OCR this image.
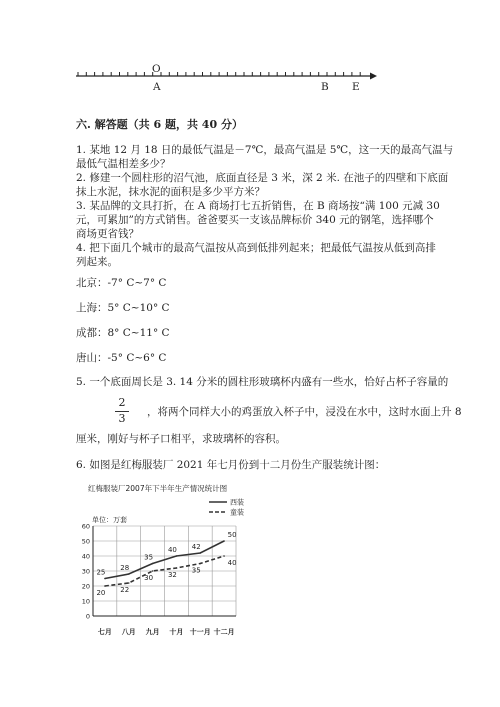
O
A	B E
六. 解答题（共 6 题，共 40 分）
1. 某地 12 月 18 日的最低气温是－7℃，最高气温是 5℃，这一天的最高气温与
最低气温相差多少？
2. 修建一个圆柱形的沼气池，底面直径是 3 米，深 2 米. 在池子的四壁和下底面
抹上水泥，抹水泥的面积是多少平方米？
3. 某品牌的文具打折，在 A 商场打七五折销售，在 B 商场按“满 100 元减 30
元，可累加”的方式销售。爸爸要买一支该品牌标价 340 元的钢笔，选择哪个
商场更省钱？
4. 把下面几个城市的最高气温按从高到低排列起来；把最低气温按从低到高排
列起来。
北京：-7° C~7° C
上海：5° C~10° C
成都：8° C~11° C
唐山：-5° C~6° C
5. 一个底面周长是 3. 14 分米的圆柱形玻璃杯内盛有一些水，恰好占杯子容量的
2
3	，将两个同样大小的鸡蛋放入杯子中，浸没在水中，这时水面上升 8
厘米，刚好与杯子口相平，求玻璃杯的容积。
6. 如图是红梅服装厂 2021 年七月份到十二月份生产服装统计图：
红梅服装厂2007年下半年生产情况统计图
单位：万套
0
10
20
30
40
50
60
七月 八月 九月 十月 十一月 十二月
25
28
35
40 42
50
20 22
30 32
35
40
西装
童装
